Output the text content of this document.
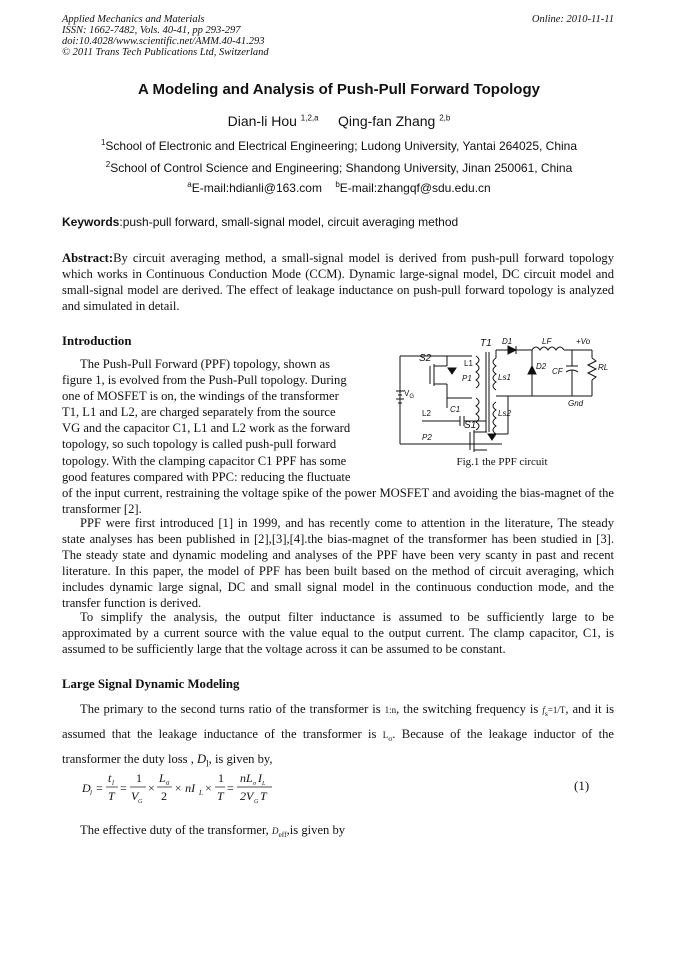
Applied Mechanics and Materials
ISSN: 1662-7482, Vols. 40-41, pp 293-297
doi:10.4028/www.scientific.net/AMM.40-41.293
© 2011 Trans Tech Publications Ltd, Switzerland
Online: 2010-11-11
A Modeling and Analysis of Push-Pull Forward Topology
Dian-li Hou $^{1,2,a}$ Qing-fan Zhang $^{2,b}$
$^1$School of Electronic and Electrical Engineering; Ludong University, Yantai 264025, China
$^2$School of Control Science and Engineering; Shandong University, Jinan 250061, China
$^a$E-mail:hdianli@163.com $^b$E-mail:zhangqf@sdu.edu.cn
Keywords:push-pull forward, small-signal model, circuit averaging method

Abstract:By circuit averaging method, a small-signal model is derived from push-pull forward topology which works in Continuous Conduction Mode (CCM). Dynamic large-signal model, DC circuit model and small-signal model are derived. The effect of leakage inductance on push-pull forward topology is analyzed and simulated in detail.

Introduction
The Push-Pull Forward (PPF) topology, shown as
figure 1, is evolved from the Push-Pull topology. During
one of MOSFET is on, the windings of the transformer
T1, L1 and L2, are charged separately from the source
VG and the capacitor C1, L1 and L2 work as the forward
topology, so such topology is called push-pull forward
topology. With the clamping capacitor C1 PPF has some
good features compared with PPC: reducing the fluctuate

of the input current, restraining the voltage spike of the power MOSFET and avoiding the bias-magnet of the transformer [2].

PPF were first introduced [1] in 1999, and has recently come to attention in the literature, The steady state analyses has been published in [2],[3],[4].the bias-magnet of the transformer has been studied in [3]. The steady state and dynamic modeling and analyses of the PPF have been very scanty in past and recent literature. In this paper, the model of PPF has been built based on the method of circuit averaging, which includes dynamic large signal, DC and small signal model in the continuous conduction mode, and the transfer function is derived.

To simplify the analysis, the output filter inductance is assumed to be sufficiently large to be approximated by a current source with the value equal to the output current. The clamp capacitor, C1, is assumed to be sufficiently large that the voltage across it can be assumed to be constant.

$V_G$
S2	L1
P1
T1
Ls1
C1
L2
P2
S1
Ls2
D1
D2
LF	+Vo
CF	RL
Gnd
Fig.1 the PPF circuit
Large Signal Dynamic Modeling

The primary to the second turns ratio of the transformer is 1:n, the switching frequency is $f_s=1/T$, and it is assumed that the leakage inductance of the transformer is $L_\sigma$. Because of the leakage inductor of the transformer the duty loss , $D_l$, is given by,

D l =
t l
T
=
1
V G
×
L σ
2
× nI L ×
1
T
=
nL σ I L
2V G T
(1)

The effective duty of the transformer, $D_{eff},is$ given by
